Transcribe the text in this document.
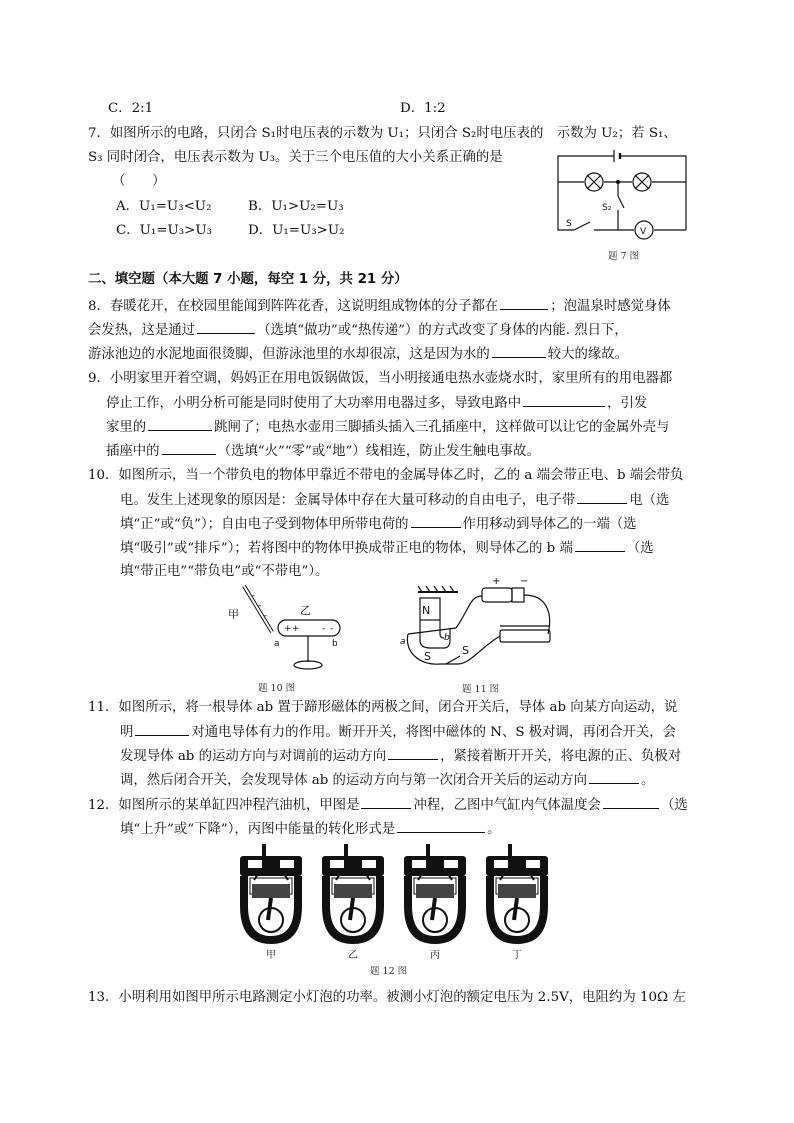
C．2:1	D．1:2
7．如图所示的电路，只闭合 S₁时电压表的示数为 U₁；只闭合 S₂时电压表的　示数为 U₂；若 S₁、
S₃ 同时闭合，电压表示数为 U₃。关于三个电压值的大小关系正确的是
（　　）
A．U₁=U₃<U₂	B．U₁>U₂=U₃
C．U₁=U₃>U₃	D．U₁=U₃>U₂	S
S₂
V
题 7 图
二、填空题（本大题 7 小题，每空 1 分，共 21 分）
8．春暖花开，在校园里能闻到阵阵花香，这说明组成物体的分子都在	；泡温泉时感觉身体
会发热，这是通过	（选填“做功”或“热传递”）的方式改变了身体的内能. 烈日下，
游泳池边的水泥地面很烫脚，但游泳池里的水却很凉，这是因为水的	较大的缘故。
9．小明家里开着空调，妈妈正在用电饭锅做饭，当小明接通电热水壶烧水时，家里所有的用电器都
停止工作，小明分析可能是同时使用了大功率用电器过多，导致电路中	，引发
家里的	跳闸了；电热水壶用三脚插头插入三孔插座中，这样做可以让它的金属外壳与
插座中的	（选填“火”“零”或“地”）线相连，防止发生触电事故。
10．如图所示，当一个带负电的物体甲靠近不带电的金属导体乙时，乙的 a 端会带正电、b 端会带负
电。发生上述现象的原因是：金属导体中存在大量可移动的自由电子，电子带	电（选
填“正”或“负”）；自由电子受到物体甲所带电荷的	作用移动到导体乙的一端（选
填“吸引”或“排斥”）；若将图中的物体甲换成带正电的物体，则导体乙的 b 端	（选
填“带正电”“带负电”或“不带电”）。
-
-
-
+ + - -
甲	乙
a	b
题 10 图
N
S
a	b
S
+ −
题 11 图
11．如图所示，将一根导体 ab 置于蹄形磁体的两极之间，闭合开关后，导体 ab 向某方向运动，说
明	对通电导体有力的作用。断开开关，将图中磁体的 N、S 极对调，再闭合开关，会
发现导体 ab 的运动方向与对调前的运动方向	，紧接着断开开关，将电源的正、负极对
调，然后闭合开关，会发现导体 ab 的运动方向与第一次闭合开关后的运动方向	。
12．如图所示的某单缸四冲程汽油机，甲图是	冲程，乙图中气缸内气体温度会	（选
填“上升”或“下降”），丙图中能量的转化形式是	。
甲	乙	丙	丁
题 12 图
13．小明利用如图甲所示电路测定小灯泡的功率。被测小灯泡的额定电压为 2.5V，电阻约为 10Ω 左
